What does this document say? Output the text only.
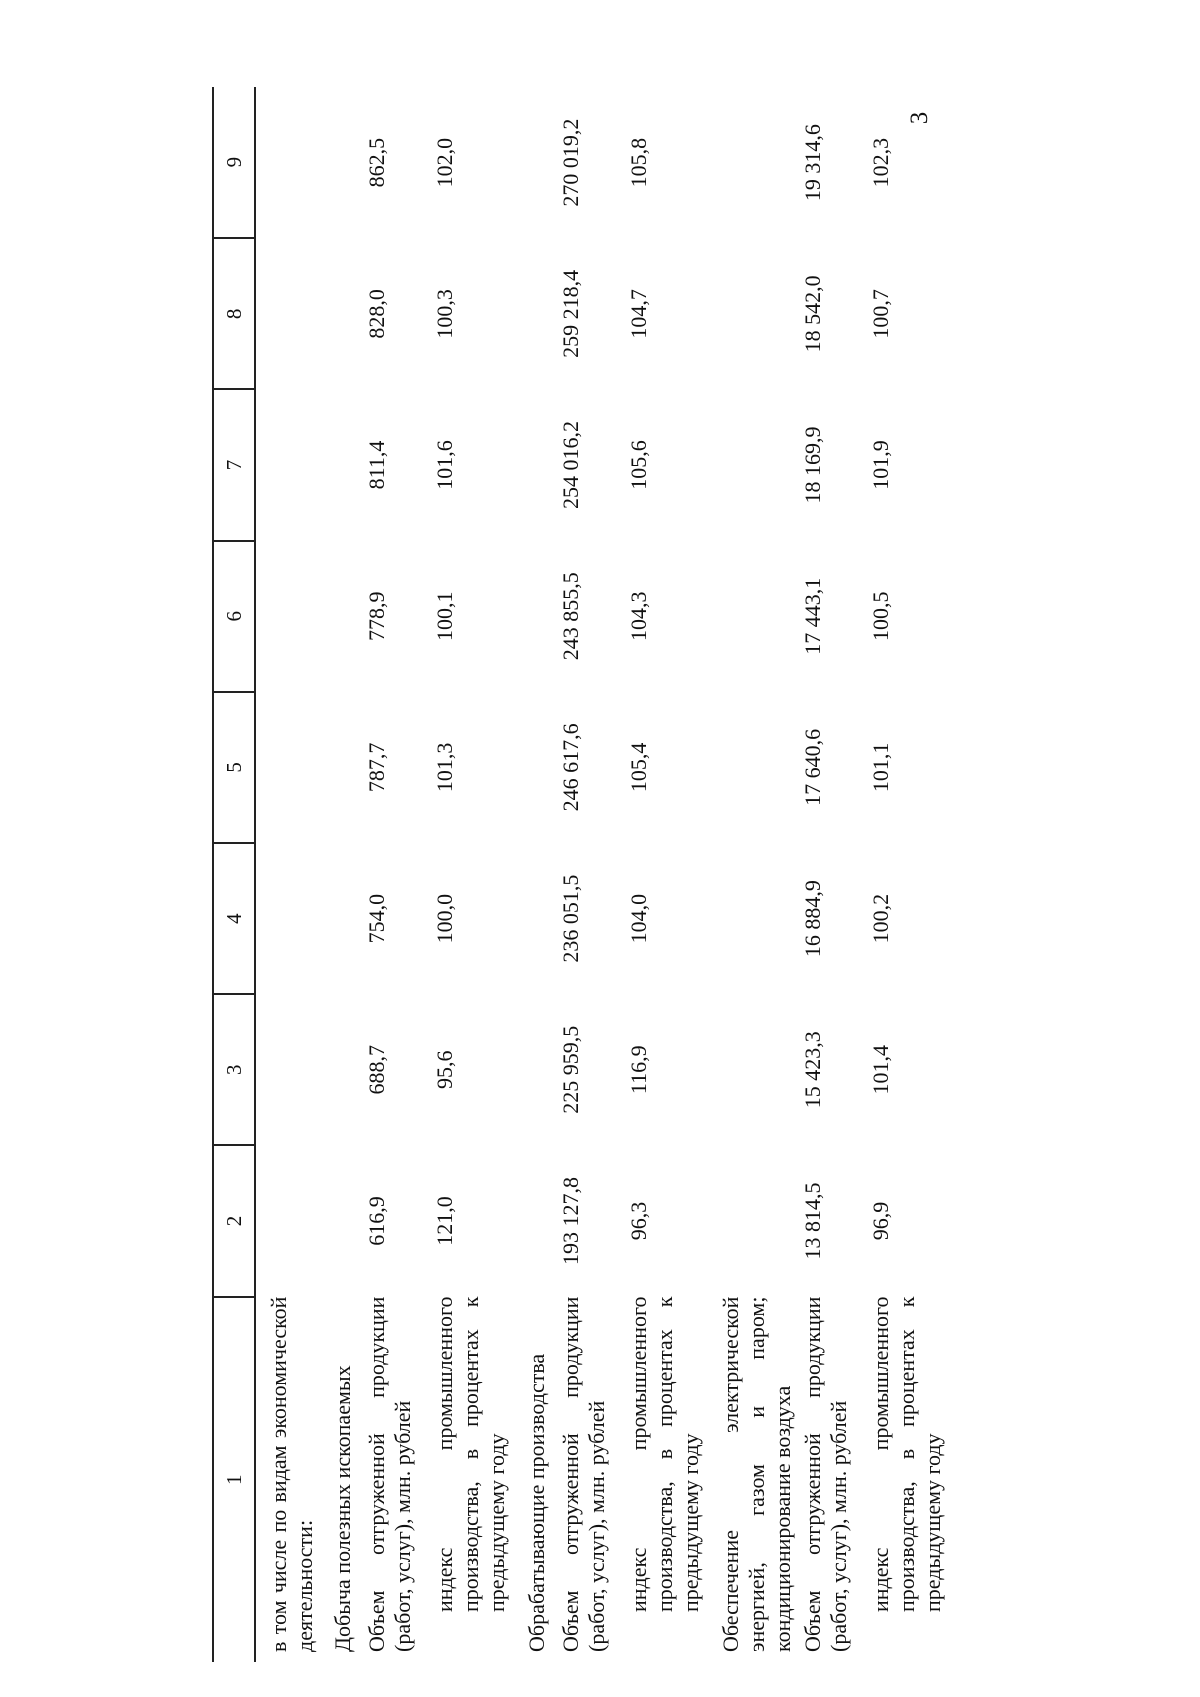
3
1	2	3	4	5	6	7	8	9
в том числе по видам экономической деятельности:								
Добыча полезных ископаемых								
Объем отгруженной продукции (работ, услуг), млн. рублей	616,9	688,7	754,0	787,7	778,9	811,4	828,0	862,5
индекс промышленного производства, в процентах к предыдущему году	121,0	95,6	100,0	101,3	100,1	101,6	100,3	102,0
Обрабатывающие производства								
Объем отгруженной продукции (работ, услуг), млн. рублей	193 127,8	225 959,5	236 051,5	246 617,6	243 855,5	254 016,2	259 218,4	270 019,2
индекс промышленного производства, в процентах к предыдущему году	96,3	116,9	104,0	105,4	104,3	105,6	104,7	105,8
Обеспечение электрической энергией, газом и паром; кондиционирование воздуха								
Объем отгруженной продукции (работ, услуг), млн. рублей	13 814,5	15 423,3	16 884,9	17 640,6	17 443,1	18 169,9	18 542,0	19 314,6
индекс промышленного производства, в процентах к предыдущему году	96,9	101,4	100,2	101,1	100,5	101,9	100,7	102,3
